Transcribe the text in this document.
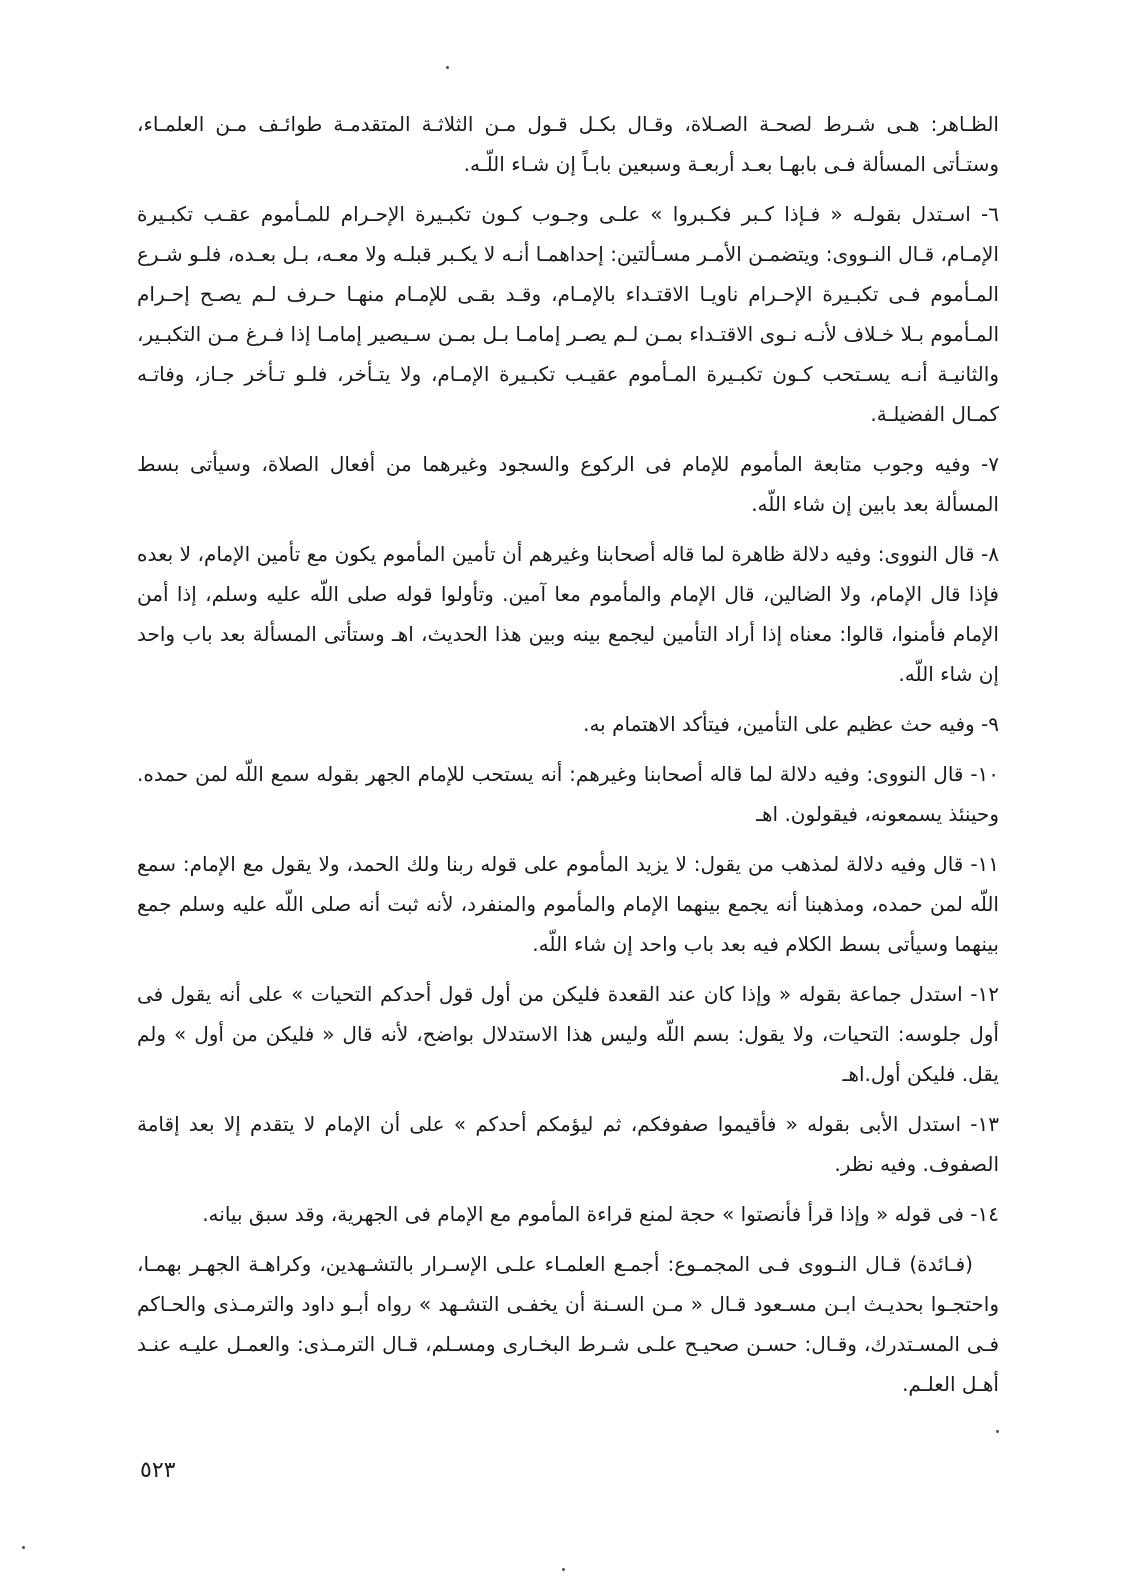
الظـاهر: هـى شـرط لصحـة الصـلاة، وقـال بكـل قـول مـن الثلاثـة المتقدمـة طوائـف مـن العلمـاء، وستـأتى المسألة فـى بابهـا بعـد أربعـة وسبعين بابـاً إن شـاء اللّـه.

٦- اسـتدل بقولـه « فـإذا كـبر فكـبروا » علـى وجـوب كـون تكبـيرة الإحـرام للمـأموم عقـب تكبـيرة الإمـام، قـال النـووى: ويتضمـن الأمـر مسـألتين: إحداهمـا أنـه لا يكـبر قبلـه ولا معـه، بـل بعـده، فلـو شـرع المـأموم فـى تكبـيرة الإحـرام ناويـا الاقتـداء بالإمـام، وقـد بقـى للإمـام منهـا حـرف لـم يصـح إحـرام المـأموم بـلا خـلاف لأنـه نـوى الاقتـداء بمـن لـم يصـر إمامـا بـل بمـن سـيصير إمامـا إذا فـرغ مـن التكبـير، والثانيـة أنـه يسـتحب كـون تكبـيرة المـأموم عقيـب تكبـيرة الإمـام، ولا يتـأخر، فلـو تـأخر جـاز، وفاتـه كمـال الفضيلـة.

٧- وفيه وجوب متابعة المأموم للإمام فى الركوع والسجود وغيرهما من أفعال الصلاة، وسيأتى بسط المسألة بعد بابين إن شاء اللّه.

٨- قال النووى: وفيه دلالة ظاهرة لما قاله أصحابنا وغيرهم أن تأمين المأموم يكون مع تأمين الإمام، لا بعده فإذا قال الإمام، ولا الضالين، قال الإمام والمأموم معا آمين. وتأولوا قوله صلى اللّه عليه وسلم، إذا أمن الإمام فأمنوا، قالوا: معناه إذا أراد التأمين ليجمع بينه وبين هذا الحديث، اهـ وستأتى المسألة بعد باب واحد إن شاء اللّه.

٩- وفيه حث عظيم على التأمين، فيتأكد الاهتمام به.

١٠- قال النووى: وفيه دلالة لما قاله أصحابنا وغيرهم: أنه يستحب للإمام الجهر بقوله سمع اللّه لمن حمده. وحينئذ يسمعونه، فيقولون. اهـ

١١- قال وفيه دلالة لمذهب من يقول: لا يزيد المأموم على قوله ربنا ولك الحمد، ولا يقول مع الإمام: سمع اللّه لمن حمده، ومذهبنا أنه يجمع بينهما الإمام والمأموم والمنفرد، لأنه ثبت أنه صلى اللّه عليه وسلم جمع بينهما وسيأتى بسط الكلام فيه بعد باب واحد إن شاء اللّه.

١٢- استدل جماعة بقوله « وإذا كان عند القعدة فليكن من أول قول أحدكم التحيات » على أنه يقول فى أول جلوسه: التحيات، ولا يقول: بسم اللّه وليس هذا الاستدلال بواضح، لأنه قال « فليكن من أول » ولم يقل. فليكن أول.اهـ

١٣- استدل الأبى بقوله « فأقيموا صفوفكم، ثم ليؤمكم أحدكم » على أن الإمام لا يتقدم إلا بعد إقامة الصفوف. وفيه نظر.

١٤- فى قوله « وإذا قرأ فأنصتوا » حجة لمنع قراءة المأموم مع الإمام فى الجهرية، وقد سبق بيانه.

(فـائدة) قـال النـووى فـى المجمـوع: أجمـع العلمـاء علـى الإسـرار بالتشـهدين، وكراهـة الجهـر بهمـا، واحتجـوا بحديـث ابـن مسـعود قـال « مـن السـنة أن يخفـى التشـهد » رواه أبـو داود والترمـذى والحـاكم فـى المسـتدرك، وقـال: حسـن صحيـح علـى شـرط البخـارى ومسـلم، قـال الترمـذى: والعمـل عليـه عنـد أهـل العلـم.

٥٢٣
